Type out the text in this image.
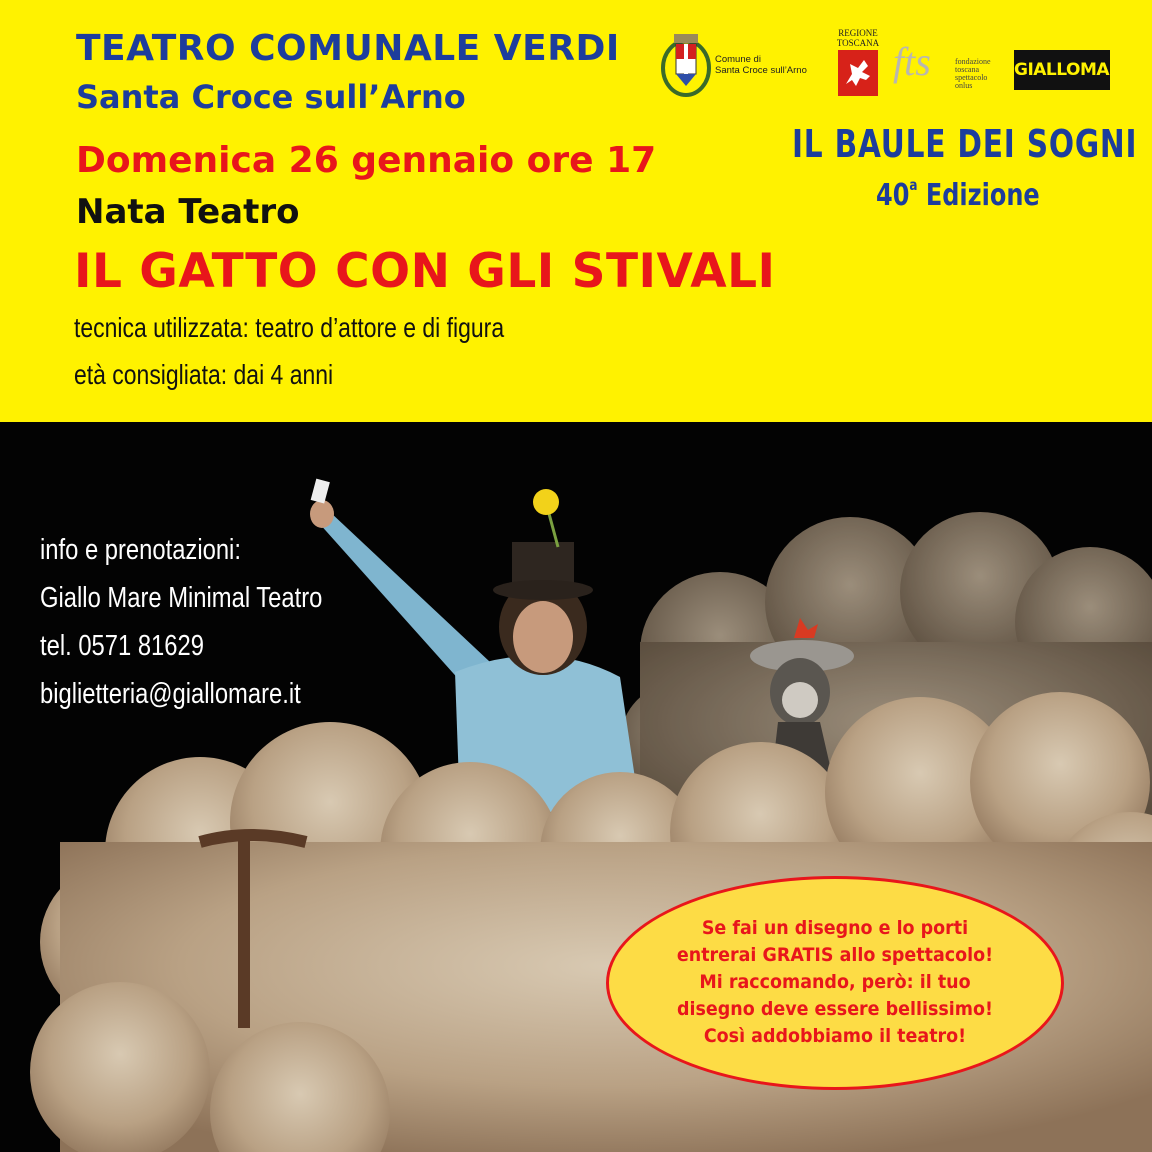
TEATRO COMUNALE VERDI
Santa Croce sull’Arno
Domenica 26 gennaio ore 17
Nata Teatro
IL GATTO CON GLI STIVALI
tecnica utilizzata: teatro d’attore e di figura
età consigliata: dai 4 anni
Comune di
Santa Croce sull’Arno
REGIONE
TOSCANA fts	fondazione
toscana
spettacolo
onlus
GIALLOMARE
IL BAULE DEI SOGNI
40$^a$ Edizione
info e prenotazioni:
Giallo Mare Minimal Teatro
tel. 0571 81629
biglietteria@giallomare.it
Se fai un disegno e lo porti
entrerai GRATIS allo spettacolo!
Mi raccomando, però: il tuo
disegno deve essere bellissimo!
Così addobbiamo il teatro!
